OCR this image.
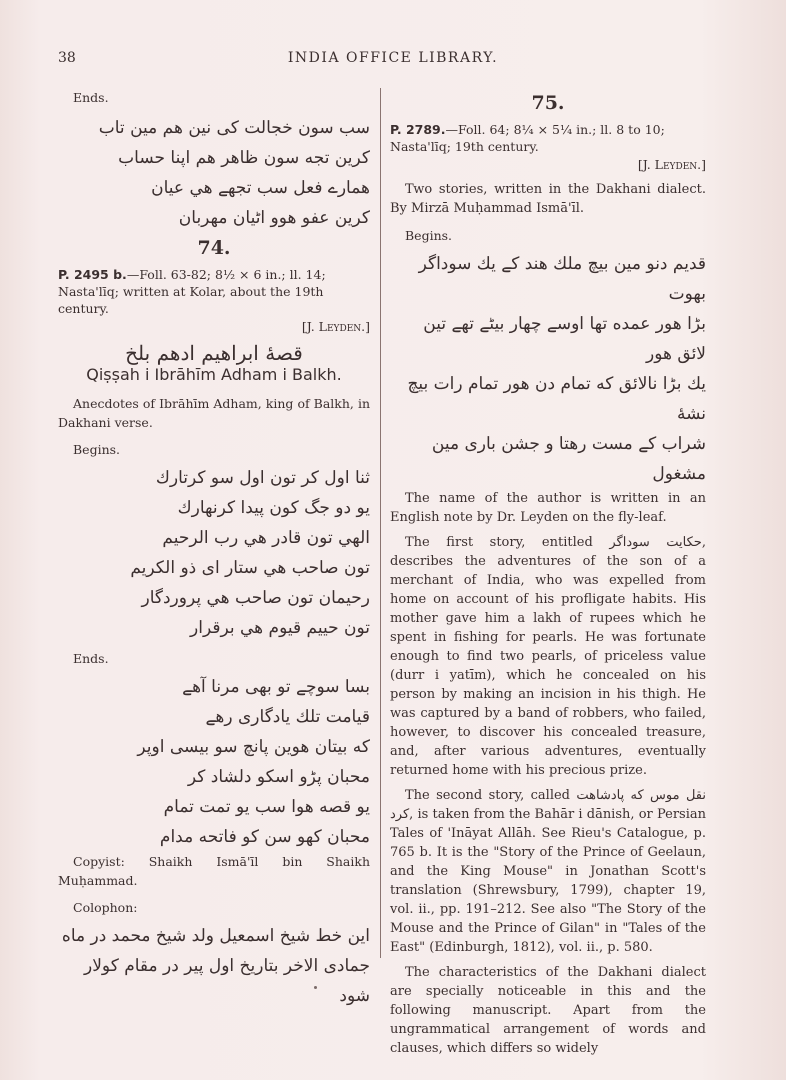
38	INDIA OFFICE LIBRARY.
Ends.
سب سون خجالت کی نین هم مین تاب
کرین تجه سون ظاهر هم اپنا حساب
همارے فعل سب تجهے هي عیان
کرین عفو هوو اٹیان مهربان
74.

P. 2495 b.—Foll. 63-82; 8½ × 6 in.; ll. 14; Nasta'līq; written at Kolar, about the 19th century.

[J. Leyden.]
قصهٔ ابراهیم ادهم بلخ
Qiṣṣah i Ibrāhīm Adham i Balkh.

Anecdotes of Ibrāhīm Adham, king of Balkh, in Dakhani verse.

Begins.
ثنا اول کر تون اول سو کرتارك
یو دو جگ کون پیدا کرنهارك
الهي تون قادر هي رب الرحیم
تون صاحب هي ستار ای ذو الکریم
رحیمان تون صاحب هي پروردگار
تون حییم قیوم هي برقرار
Ends.
بسا سوچے تو بھی مرنا آھے
قیامت تلك یادگاری رهے
که بیتان هوین پانچ سو بیسی اوپر
محبان پڑو اسکو دلشاد کر
یو قصه هوا سب یو تمت تمام
محبان کهو سن کو فاتحه مدام

Copyist: Shaikh Ismā'īl bin Shaikh Muḥammad.

Colophon:
این خط شیخ اسمعیل ولد شیخ محمد در ماه
جمادی الاخر بتاریخ اول پیر در مقام کولار شود
75.

P. 2789.—Foll. 64; 8¼ × 5¼ in.; ll. 8 to 10; Nasta'līq; 19th century.

[J. Leyden.]

Two stories, written in the Dakhani dialect. By Mirzā Muḥammad Ismā'īl.

Begins.
قدیم دنو مین بیچ ملك هند کے یك سوداگر بهوت
بڑا هور عمده تها اوسے چهار بیٹے تهے تین لائق هور
یك بڑا نالائق که تمام دن هور تمام رات بیچ نشهٔ
شراب کے مست رهتا و جشن باری مین مشغول

The name of the author is written in an English note by Dr. Leyden on the fly-leaf.

The first story, entitled حکایت سوداگر, describes the adventures of the son of a merchant of India, who was expelled from home on account of his profligate habits. His mother gave him a lakh of rupees which he spent in fishing for pearls. He was fortunate enough to find two pearls, of priceless value (durr i yatīm), which he concealed on his person by making an incision in his thigh. He was captured by a band of robbers, who failed, however, to discover his concealed treasure, and, after various adventures, eventually returned home with his precious prize.

The second story, called نقل موس که پادشاهت کرد, is taken from the Bahār i dānish, or Persian Tales of 'Ināyat Allāh. See Rieu's Catalogue, p. 765 b. It is the "Story of the Prince of Geelaun, and the King Mouse" in Jonathan Scott's translation (Shrewsbury, 1799), chapter 19, vol. ii., pp. 191–212. See also "The Story of the Mouse and the Prince of Gilan" in "Tales of the East" (Edinburgh, 1812), vol. ii., p. 580.

The characteristics of the Dakhani dialect are specially noticeable in this and the following manuscript. Apart from the ungrammatical arrangement of words and clauses, which differs so widely
